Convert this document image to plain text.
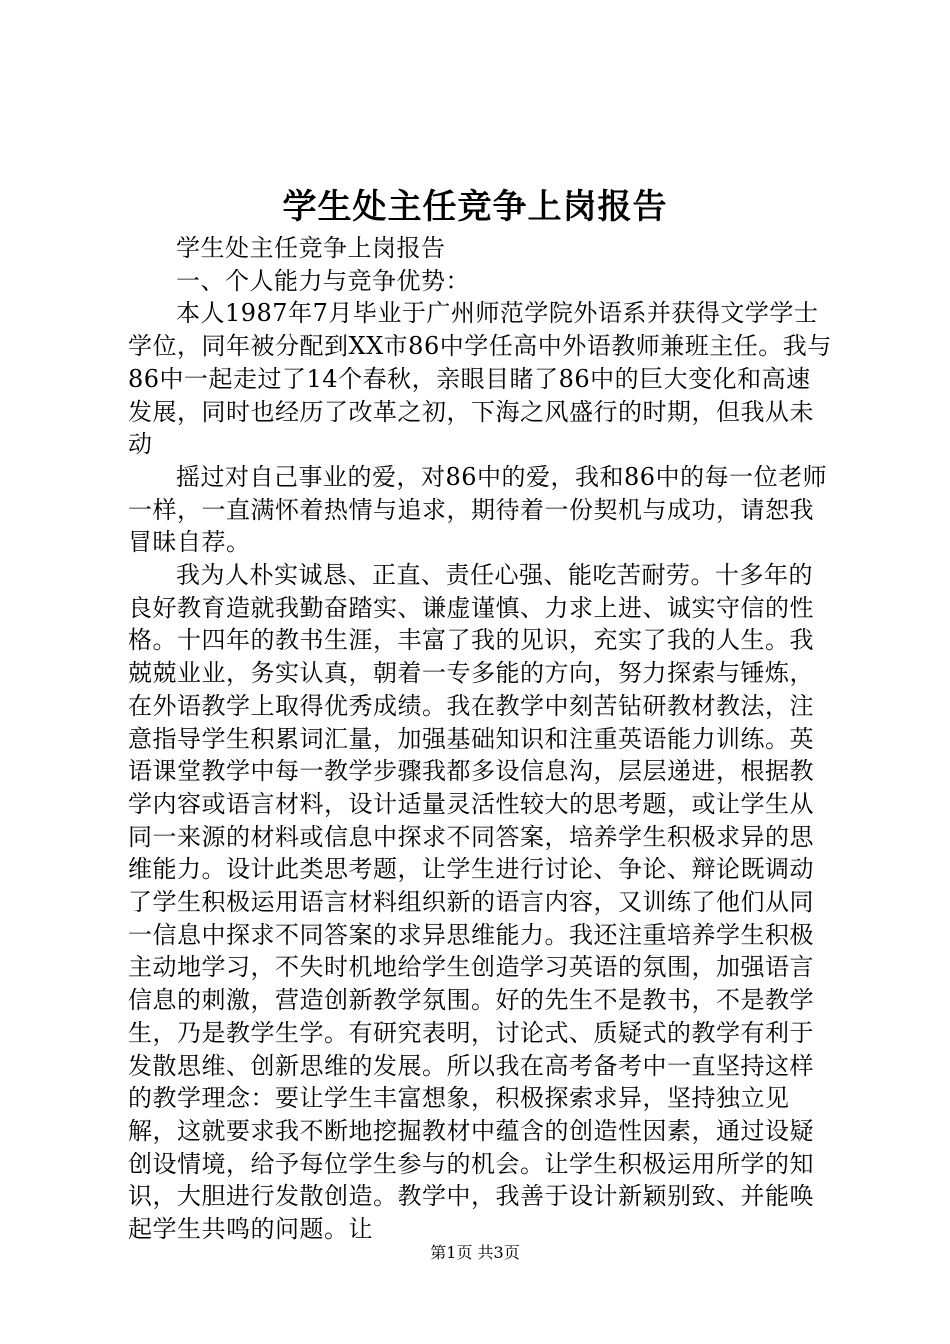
学生处主任竞争上岗报告

学生处主任竞争上岗报告

一、个人能力与竞争优势：

本人1987年7月毕业于广州师范学院外语系并获得文学学士学位，同年被分配到XX市86中学任高中外语教师兼班主任。我与86中一起走过了14个春秋，亲眼目睹了86中的巨大变化和高速发展，同时也经历了改革之初，下海之风盛行的时期，但我从未动

摇过对自己事业的爱，对86中的爱，我和86中的每一位老师一样，一直满怀着热情与追求，期待着一份契机与成功，请恕我冒昧自荐。

我为人朴实诚恳、正直、责任心强、能吃苦耐劳。十多年的良好教育造就我勤奋踏实、谦虚谨慎、力求上进、诚实守信的性格。十四年的教书生涯，丰富了我的见识，充实了我的人生。我兢兢业业，务实认真，朝着一专多能的方向，努力探索与锤炼，在外语教学上取得优秀成绩。我在教学中刻苦钻研教材教法，注意指导学生积累词汇量，加强基础知识和注重英语能力训练。英语课堂教学中每一教学步骤我都多设信息沟，层层递进，根据教学内容或语言材料，设计适量灵活性较大的思考题，或让学生从同一来源的材料或信息中探求不同答案，培养学生积极求异的思维能力。设计此类思考题，让学生进行讨论、争论、辩论既调动了学生积极运用语言材料组织新的语言内容，又训练了他们从同一信息中探求不同答案的求异思维能力。我还注重培养学生积极主动地学习，不失时机地给学生创造学习英语的氛围，加强语言信息的刺激，营造创新教学氛围。好的先生不是教书，不是教学生，乃是教学生学。有研究表明，讨论式、质疑式的教学有利于发散思维、创新思维的发展。所以我在高考备考中一直坚持这样的教学理念：要让学生丰富想象，积极探索求异，坚持独立见解，这就要求我不断地挖掘教材中蕴含的创造性因素，通过设疑创设情境，给予每位学生参与的机会。让学生积极运用所学的知识，大胆进行发散创造。教学中，我善于设计新颖别致、并能唤起学生共鸣的问题。让

第1页 共3页
